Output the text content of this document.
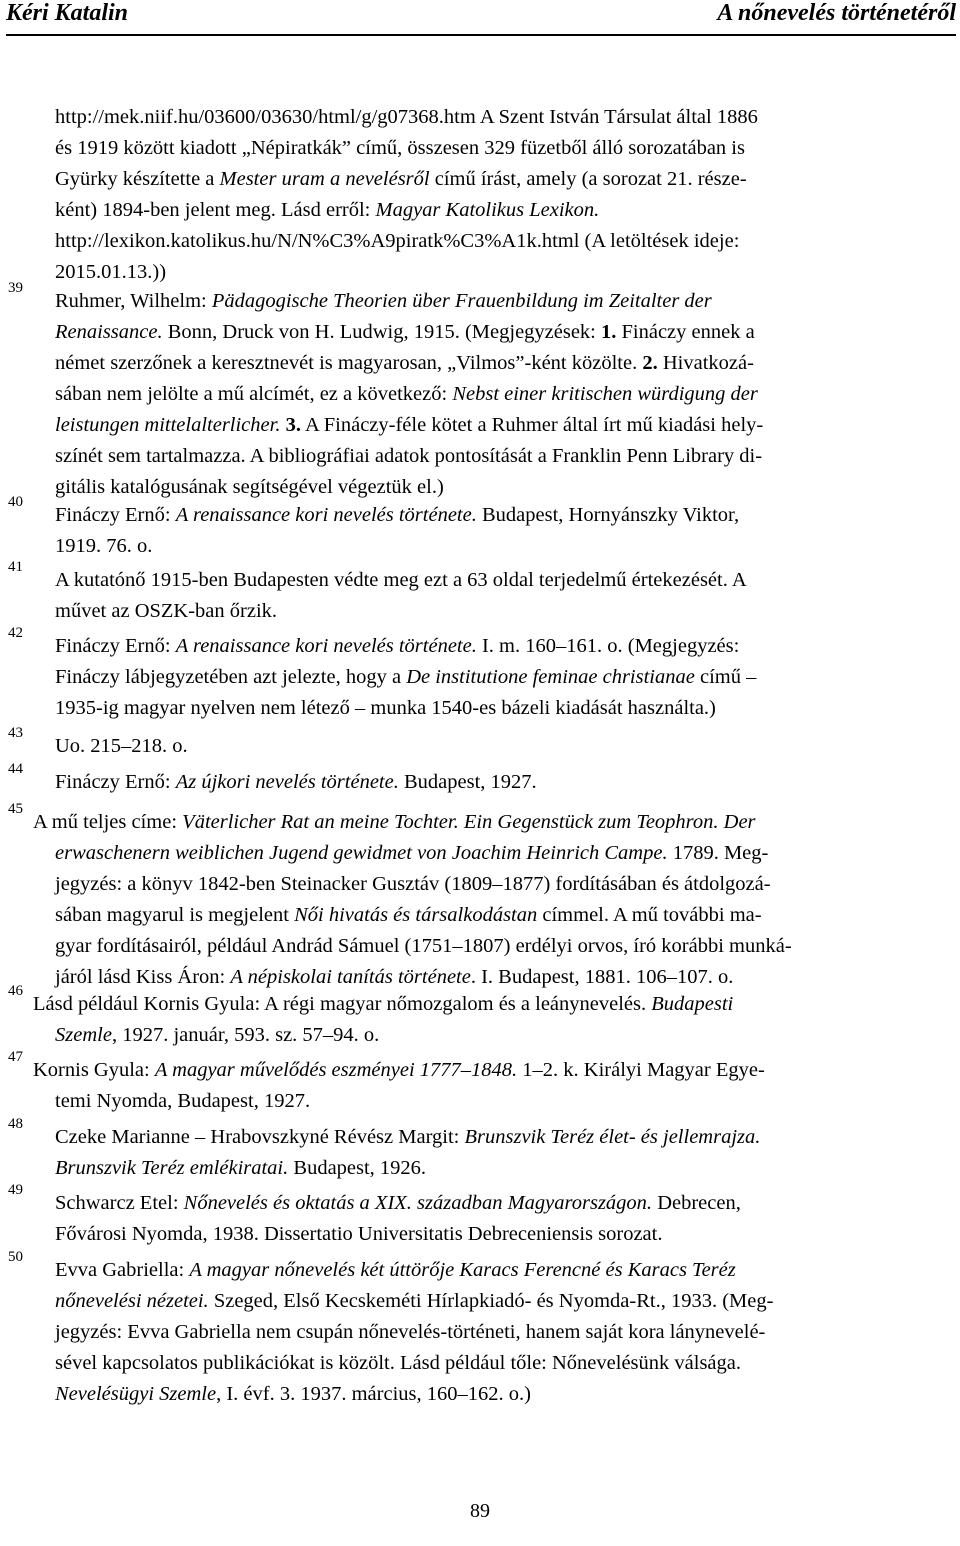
Kéri Katalin	A nőnevelés történetéről
http://mek.niif.hu/03600/03630/html/g/g07368.htm A Szent István Társulat által 1886
és 1919 között kiadott „Népiratkák” című, összesen 329 füzetből álló sorozatában is
Gyürky készítette a Mester uram a nevelésről című írást, amely (a sorozat 21. része-
ként) 1894-ben jelent meg. Lásd erről: Magyar Katolikus Lexikon.
http://lexikon.katolikus.hu/N/N%C3%A9piratk%C3%A1k.html (A letöltések ideje:
2015.01.13.))
39
Ruhmer, Wilhelm: Pädagogische Theorien über Frauenbildung im Zeitalter der
Renaissance. Bonn, Druck von H. Ludwig, 1915. (Megjegyzések: 1. Fináczy ennek a
német szerzőnek a keresztnevét is magyarosan, „Vilmos”-ként közölte. 2. Hivatkozá-
sában nem jelölte a mű alcímét, ez a következő: Nebst einer kritischen würdigung der
leistungen mittelalterlicher. 3. A Fináczy-féle kötet a Ruhmer által írt mű kiadási hely-
színét sem tartalmazza. A bibliográfiai adatok pontosítását a Franklin Penn Library di-
gitális katalógusának segítségével végeztük el.)
40
Fináczy Ernő: A renaissance kori nevelés története. Budapest, Hornyánszky Viktor,
1919. 76. o.
41
A kutatónő 1915-ben Budapesten védte meg ezt a 63 oldal terjedelmű értekezését. A
művet az OSZK-ban őrzik.
42
Fináczy Ernő: A renaissance kori nevelés története. I. m. 160–161. o. (Megjegyzés:
Fináczy lábjegyzetében azt jelezte, hogy a De institutione feminae christianae című –
1935-ig magyar nyelven nem létező – munka 1540-es bázeli kiadását használta.)
43
Uo. 215–218. o.
44
Fináczy Ernő: Az újkori nevelés története. Budapest, 1927.
45
A mű teljes címe: Väterlicher Rat an meine Tochter. Ein Gegenstück zum Teophron. Der
erwaschenern weiblichen Jugend gewidmet von Joachim Heinrich Campe. 1789. Meg-
jegyzés: a könyv 1842-ben Steinacker Gusztáv (1809–1877) fordításában és átdolgozá-
sában magyarul is megjelent Női hivatás és társalkodástan címmel. A mű további ma-
gyar fordításairól, például Andrád Sámuel (1751–1807) erdélyi orvos, író korábbi munká-
járól lásd Kiss Áron: A népiskolai tanítás története. I. Budapest, 1881. 106–107. o.
46
Lásd például Kornis Gyula: A régi magyar nőmozgalom és a leánynevelés. Budapesti
Szemle, 1927. január, 593. sz. 57–94. o.
47
Kornis Gyula: A magyar művelődés eszményei 1777–1848. 1–2. k. Királyi Magyar Egye-
temi Nyomda, Budapest, 1927.
48
Czeke Marianne – Hrabovszkyné Révész Margit: Brunszvik Teréz élet- és jellemrajza.
Brunszvik Teréz emlékiratai. Budapest, 1926.
49
Schwarcz Etel: Nőnevelés és oktatás a XIX. században Magyarországon. Debrecen,
Fővárosi Nyomda, 1938. Dissertatio Universitatis Debreceniensis sorozat.
50
Evva Gabriella: A magyar nőnevelés két úttörője Karacs Ferencné és Karacs Teréz
nőnevelési nézetei. Szeged, Első Kecskeméti Hírlapkiadó- és Nyomda-Rt., 1933. (Meg-
jegyzés: Evva Gabriella nem csupán nőnevelés-történeti, hanem saját kora lánynevelé-
sével kapcsolatos publikációkat is közölt. Lásd például tőle: Nőnevelésünk válsága.
Nevelésügyi Szemle, I. évf. 3. 1937. március, 160–162. o.)
89
